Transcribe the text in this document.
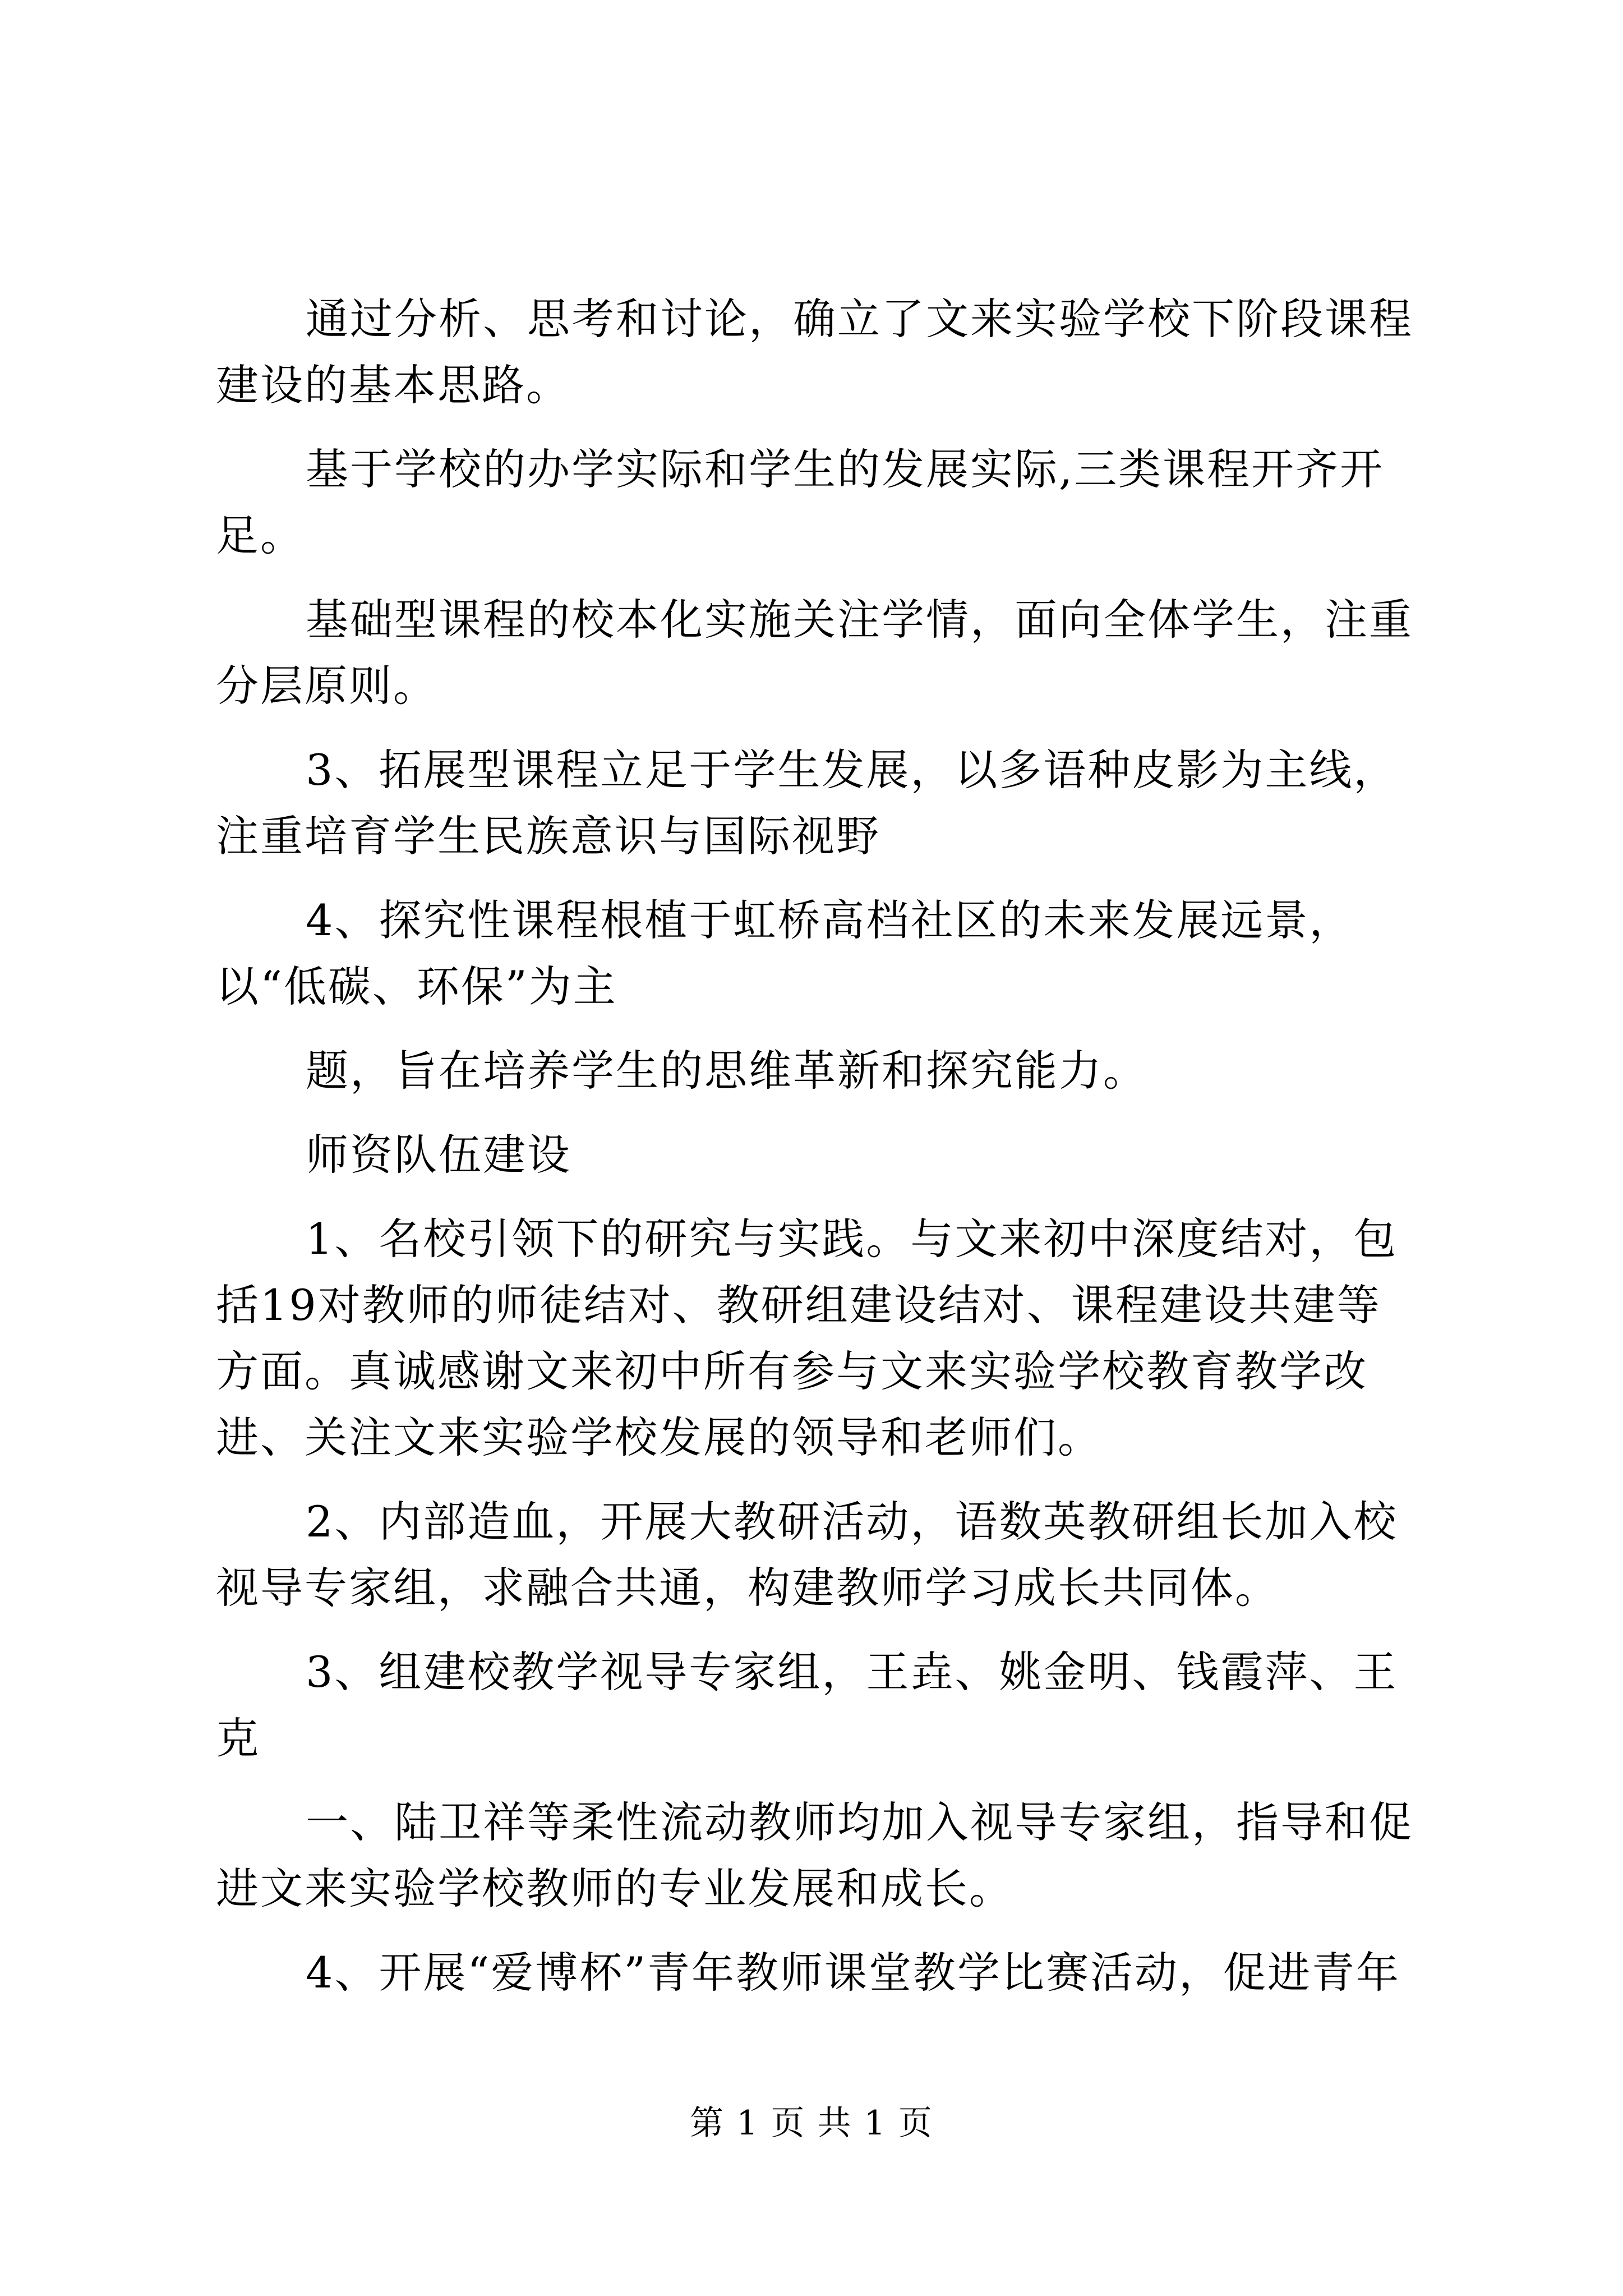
通过分析、思考和讨论，确立了文来实验学校下阶段课程建设的基本思路。

基于学校的办学实际和学生的发展实际,三类课程开齐开足。

基础型课程的校本化实施关注学情，面向全体学生，注重分层原则。

3、拓展型课程立足于学生发展，以多语种皮影为主线，注重培育学生民族意识与国际视野

4、探究性课程根植于虹桥高档社区的未来发展远景，以“低碳、环保”为主

题，旨在培养学生的思维革新和探究能力。

师资队伍建设

1、名校引领下的研究与实践。与文来初中深度结对，包括19对教师的师徒结对、教研组建设结对、课程建设共建等方面。真诚感谢文来初中所有参与文来实验学校教育教学改进、关注文来实验学校发展的领导和老师们。

2、内部造血，开展大教研活动，语数英教研组长加入校视导专家组，求融合共通，构建教师学习成长共同体。

3、组建校教学视导专家组，王垚、姚金明、钱霞萍、王克

一、陆卫祥等柔性流动教师均加入视导专家组，指导和促进文来实验学校教师的专业发展和成长。

4、开展“爱博杯”青年教师课堂教学比赛活动，促进青年

第 1 页 共 1 页
